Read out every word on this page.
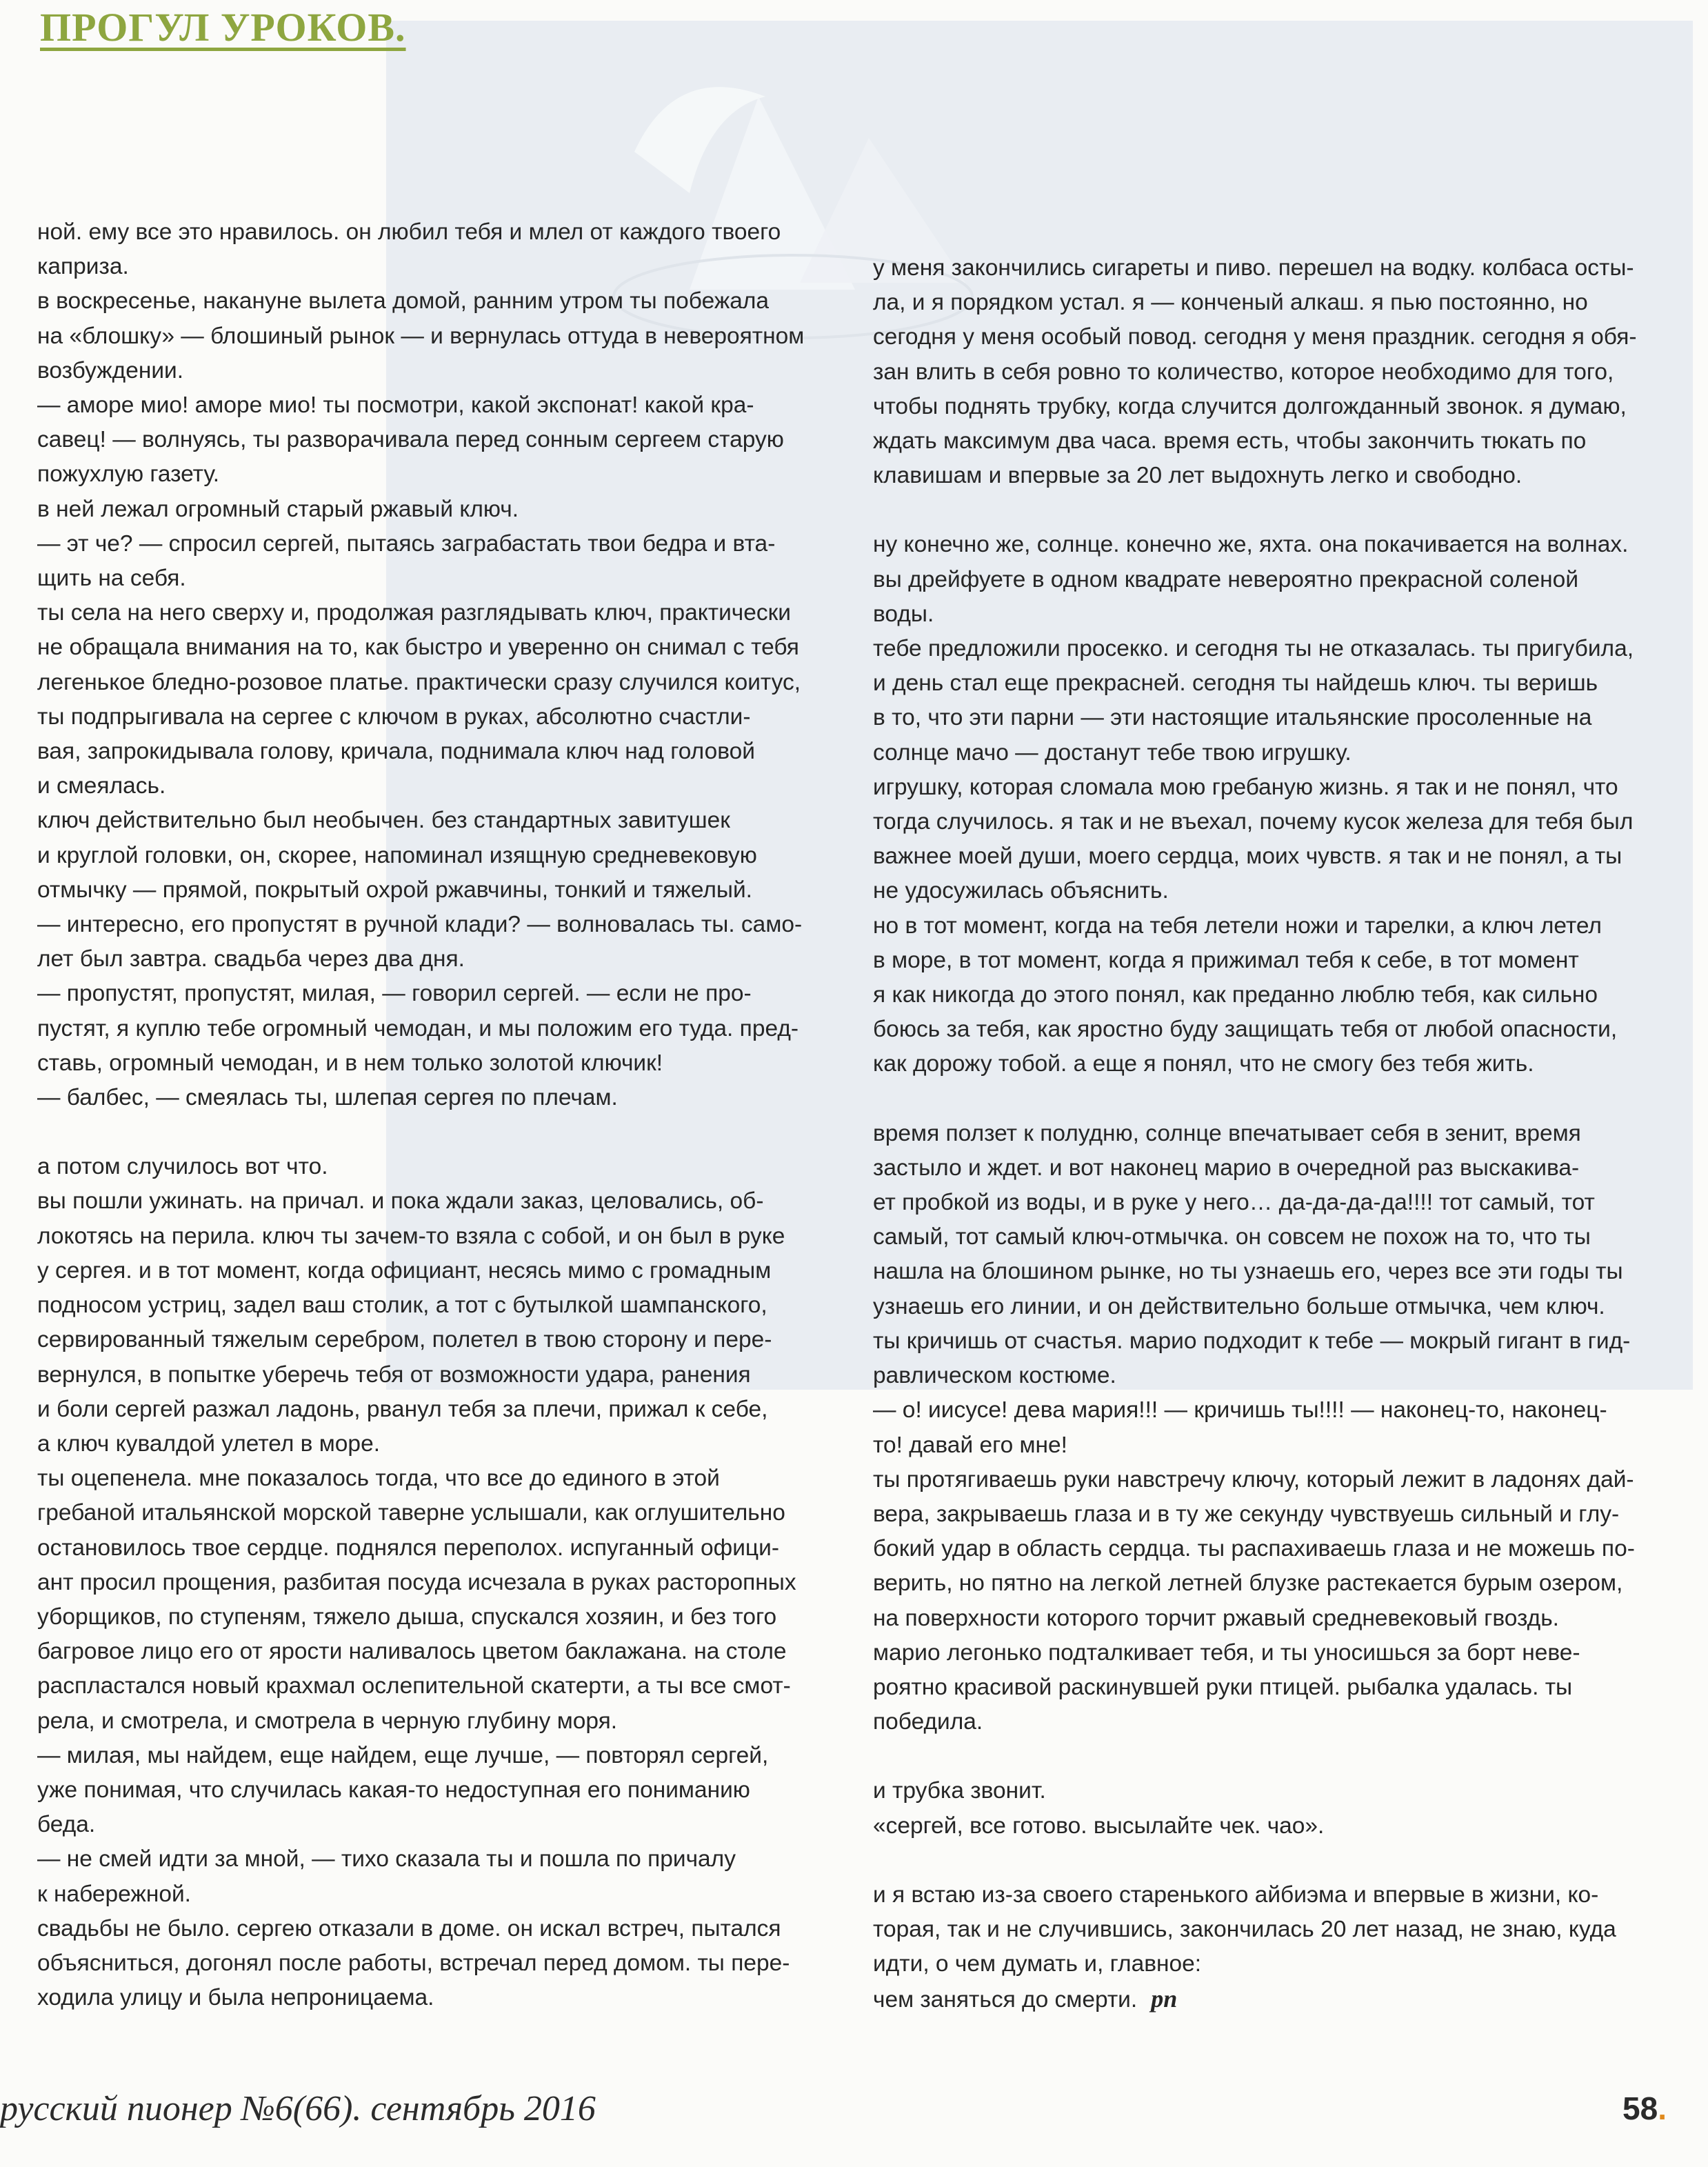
ПРОГУЛ УРОКОВ.

ной. ему все это нравилось. он любил тебя и млел от каждого твоего
каприза.
в воскресенье, накануне вылета домой, ранним утром ты побежала
на «блошку» — блошиный рынок — и вернулась оттуда в невероятном
возбуждении.
— аморе мио! аморе мио! ты посмотри, какой экспонат! какой кра-
савец! — волнуясь, ты разворачивала перед сонным сергеем старую
пожухлую газету.
в ней лежал огромный старый ржавый ключ.
— эт че? — спросил сергей, пытаясь заграбастать твои бедра и вта-
щить на себя.
ты села на него сверху и, продолжая разглядывать ключ, практически
не обращала внимания на то, как быстро и уверенно он снимал с тебя
легенькое бледно-розовое платье. практически сразу случился коитус,
ты подпрыгивала на сергее с ключом в руках, абсолютно счастли-
вая, запрокидывала голову, кричала, поднимала ключ над головой
и смеялась.
ключ действительно был необычен. без стандартных завитушек
и круглой головки, он, скорее, напоминал изящную средневековую
отмычку — прямой, покрытый охрой ржавчины, тонкий и тяжелый.
— интересно, его пропустят в ручной клади? — волновалась ты. само-
лет был завтра. свадьба через два дня.
— пропустят, пропустят, милая, — говорил сергей. — если не про-
пустят, я куплю тебе огромный чемодан, и мы положим его туда. пред-
ставь, огромный чемодан, и в нем только золотой ключик!
— балбес, — смеялась ты, шлепая сергея по плечам.

а потом случилось вот что.
вы пошли ужинать. на причал. и пока ждали заказ, целовались, об-
локотясь на перила. ключ ты зачем-то взяла с собой, и он был в руке
у сергея. и в тот момент, когда официант, несясь мимо с громадным
подносом устриц, задел ваш столик, а тот с бутылкой шампанского,
сервированный тяжелым серебром, полетел в твою сторону и пере-
вернулся, в попытке уберечь тебя от возможности удара, ранения
и боли сергей разжал ладонь, рванул тебя за плечи, прижал к себе,
а ключ кувалдой улетел в море.
ты оцепенела. мне показалось тогда, что все до единого в этой
гребаной итальянской морской таверне услышали, как оглушительно
остановилось твое сердце. поднялся переполох. испуганный офици-
ант просил прощения, разбитая посуда исчезала в руках расторопных
уборщиков, по ступеням, тяжело дыша, спускался хозяин, и без того
багровое лицо его от ярости наливалось цветом баклажана. на столе
распластался новый крахмал ослепительной скатерти, а ты все смот-
рела, и смотрела, и смотрела в черную глубину моря.
— милая, мы найдем, еще найдем, еще лучше, — повторял сергей,
уже понимая, что случилась какая-то недоступная его пониманию
беда.
— не смей идти за мной, — тихо сказала ты и пошла по причалу
к набережной.
свадьбы не было. сергею отказали в доме. он искал встреч, пытался
объясниться, догонял после работы, встречал перед домом. ты пере-
ходила улицу и была непроницаема.

у меня закончились сигареты и пиво. перешел на водку. колбаса осты-
ла, и я порядком устал. я — конченый алкаш. я пью постоянно, но
сегодня у меня особый повод. сегодня у меня праздник. сегодня я обя-
зан влить в себя ровно то количество, которое необходимо для того,
чтобы поднять трубку, когда случится долгожданный звонок. я думаю,
ждать максимум два часа. время есть, чтобы закончить тюкать по
клавишам и впервые за 20 лет выдохнуть легко и свободно.

ну конечно же, солнце. конечно же, яхта. она покачивается на волнах.
вы дрейфуете в одном квадрате невероятно прекрасной соленой
воды.
тебе предложили просекко. и сегодня ты не отказалась. ты пригубила,
и день стал еще прекрасней. сегодня ты найдешь ключ. ты веришь
в то, что эти парни — эти настоящие итальянские просоленные на
солнце мачо — достанут тебе твою игрушку.
игрушку, которая сломала мою гребаную жизнь. я так и не понял, что
тогда случилось. я так и не въехал, почему кусок железа для тебя был
важнее моей души, моего сердца, моих чувств. я так и не понял, а ты
не удосужилась объяснить.
но в тот момент, когда на тебя летели ножи и тарелки, а ключ летел
в море, в тот момент, когда я прижимал тебя к себе, в тот момент
я как никогда до этого понял, как преданно люблю тебя, как сильно
боюсь за тебя, как яростно буду защищать тебя от любой опасности,
как дорожу тобой. а еще я понял, что не смогу без тебя жить.

время ползет к полудню, солнце впечатывает себя в зенит, время
застыло и ждет. и вот наконец марио в очередной раз выскакива-
ет пробкой из воды, и в руке у него… да-да-да-да!!!! тот самый, тот
самый, тот самый ключ-отмычка. он совсем не похож на то, что ты
нашла на блошином рынке, но ты узнаешь его, через все эти годы ты
узнаешь его линии, и он действительно больше отмычка, чем ключ.
ты кричишь от счастья. марио подходит к тебе — мокрый гигант в гид-
равлическом костюме.
— о! иисусе! дева мария!!! — кричишь ты!!!! — наконец-то, наконец-
то! давай его мне!
ты протягиваешь руки навстречу ключу, который лежит в ладонях дай-
вера, закрываешь глаза и в ту же секунду чувствуешь сильный и глу-
бокий удар в область сердца. ты распахиваешь глаза и не можешь по-
верить, но пятно на легкой летней блузке растекается бурым озером,
на поверхности которого торчит ржавый средневековый гвоздь.
марио легонько подталкивает тебя, и ты уносишься за борт неве-
роятно красивой раскинувшей руки птицей. рыбалка удалась. ты
победила.

и трубка звонит.
«сергей, все готово. высылайте чек. чао».

и я встаю из-за своего старенького айбиэма и впервые в жизни, ко-
торая, так и не случившись, закончилась 20 лет назад, не знаю, куда
идти, о чем думать и, главное:
чем заняться до смерти. рп

русский пионер №6(66). сентябрь 2016	58.
